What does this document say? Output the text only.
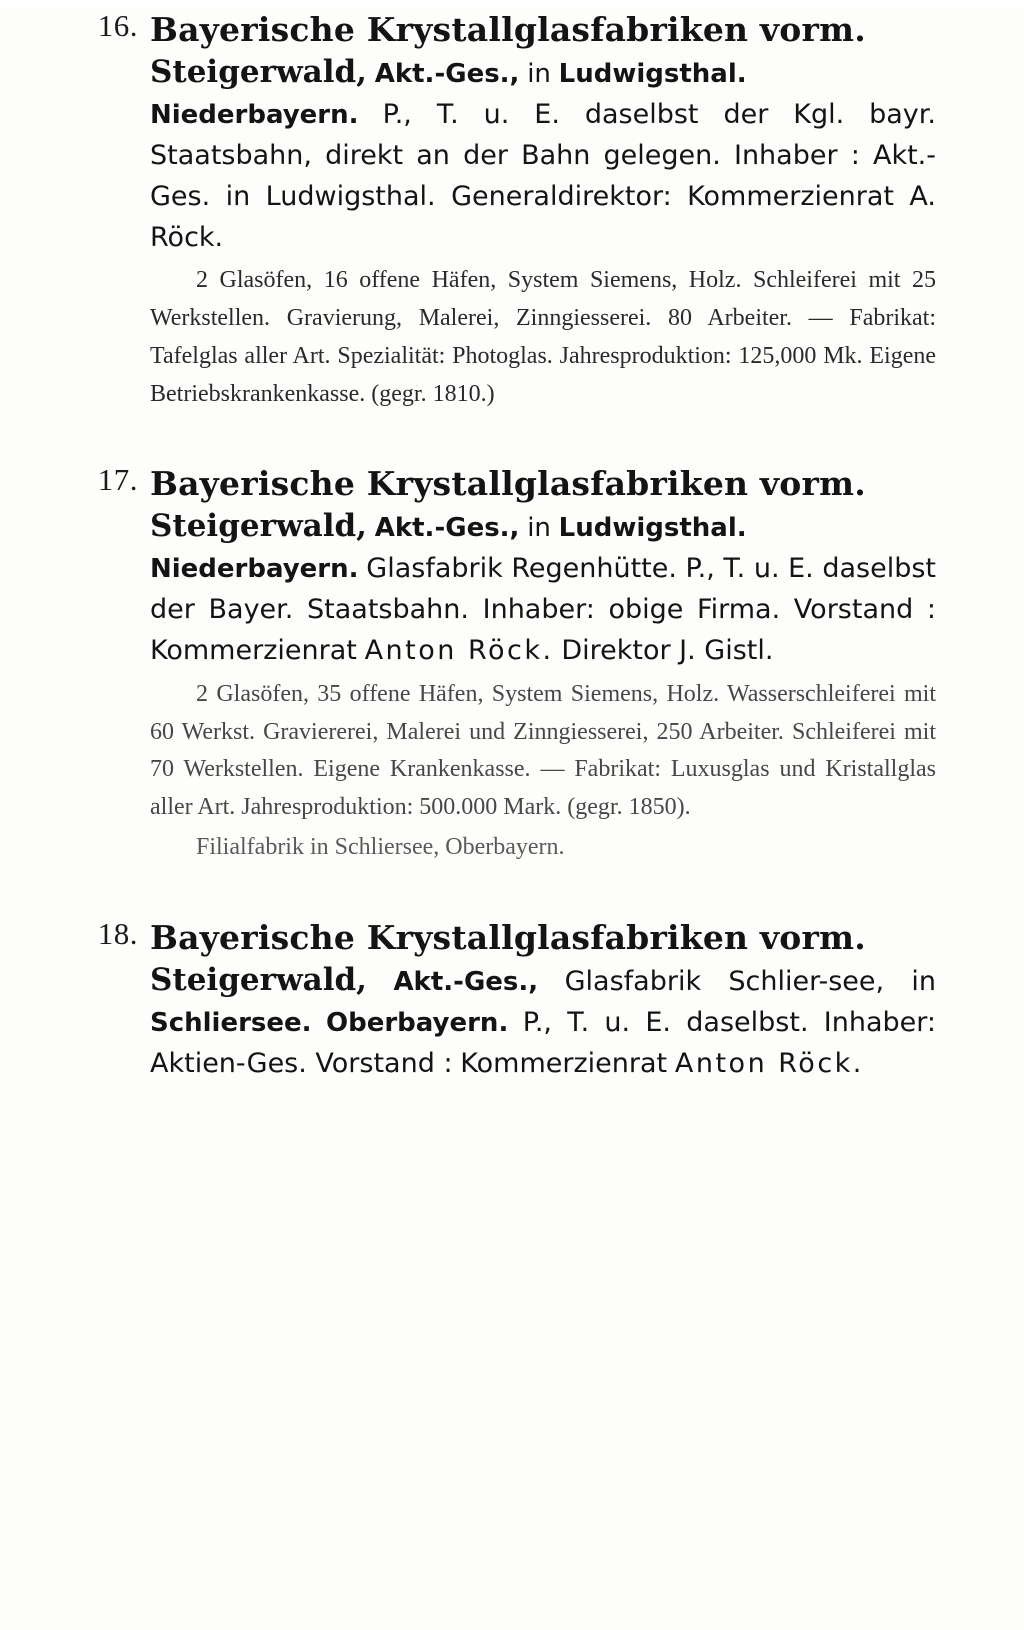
16. Bayerische Krystallglasfabriken vorm.
Steigerwald, Akt.-Ges., in Ludwigsthal.
Niederbayern. P., T. u. E. daselbst der Kgl. bayr. Staatsbahn, direkt an der Bahn gelegen. Inhaber : Akt.-Ges. in Ludwigsthal. Generaldirektor: Kommerzienrat A. Röck.
2 Glasöfen, 16 offene Häfen, System Siemens, Holz. Schleiferei mit 25 Werkstellen. Gravierung, Malerei, Zinngiesserei. 80 Arbeiter. — Fabrikat: Tafelglas aller Art. Spezialität: Photoglas. Jahresproduktion: 125,000 Mk. Eigene Betriebskrankenkasse. (gegr. 1810.)
17. Bayerische Krystallglasfabriken vorm.
Steigerwald, Akt.-Ges., in Ludwigsthal.
Niederbayern. Glasfabrik Regenhütte. P., T. u. E. daselbst der Bayer. Staatsbahn. Inhaber: obige Firma. Vorstand : Kommerzienrat Anton Röck. Direktor J. Gistl.
2 Glasöfen, 35 offene Häfen, System Siemens, Holz. Wasserschleiferei mit 60 Werkst. Graviererei, Malerei und Zinngiesserei, 250 Arbeiter. Schleiferei mit 70 Werkstellen. Eigene Krankenkasse. — Fabrikat: Luxusglas und Kristallglas aller Art. Jahresproduktion: 500.000 Mark. (gegr. 1850).
Filialfabrik in Schliersee, Oberbayern.
18. Bayerische Krystallglasfabriken vorm.
Steigerwald, Akt.-Ges., Glasfabrik Schlier-see, in Schliersee. Oberbayern. P., T. u. E. daselbst. Inhaber: Aktien-Ges. Vorstand : Kommerzienrat Anton Röck.
